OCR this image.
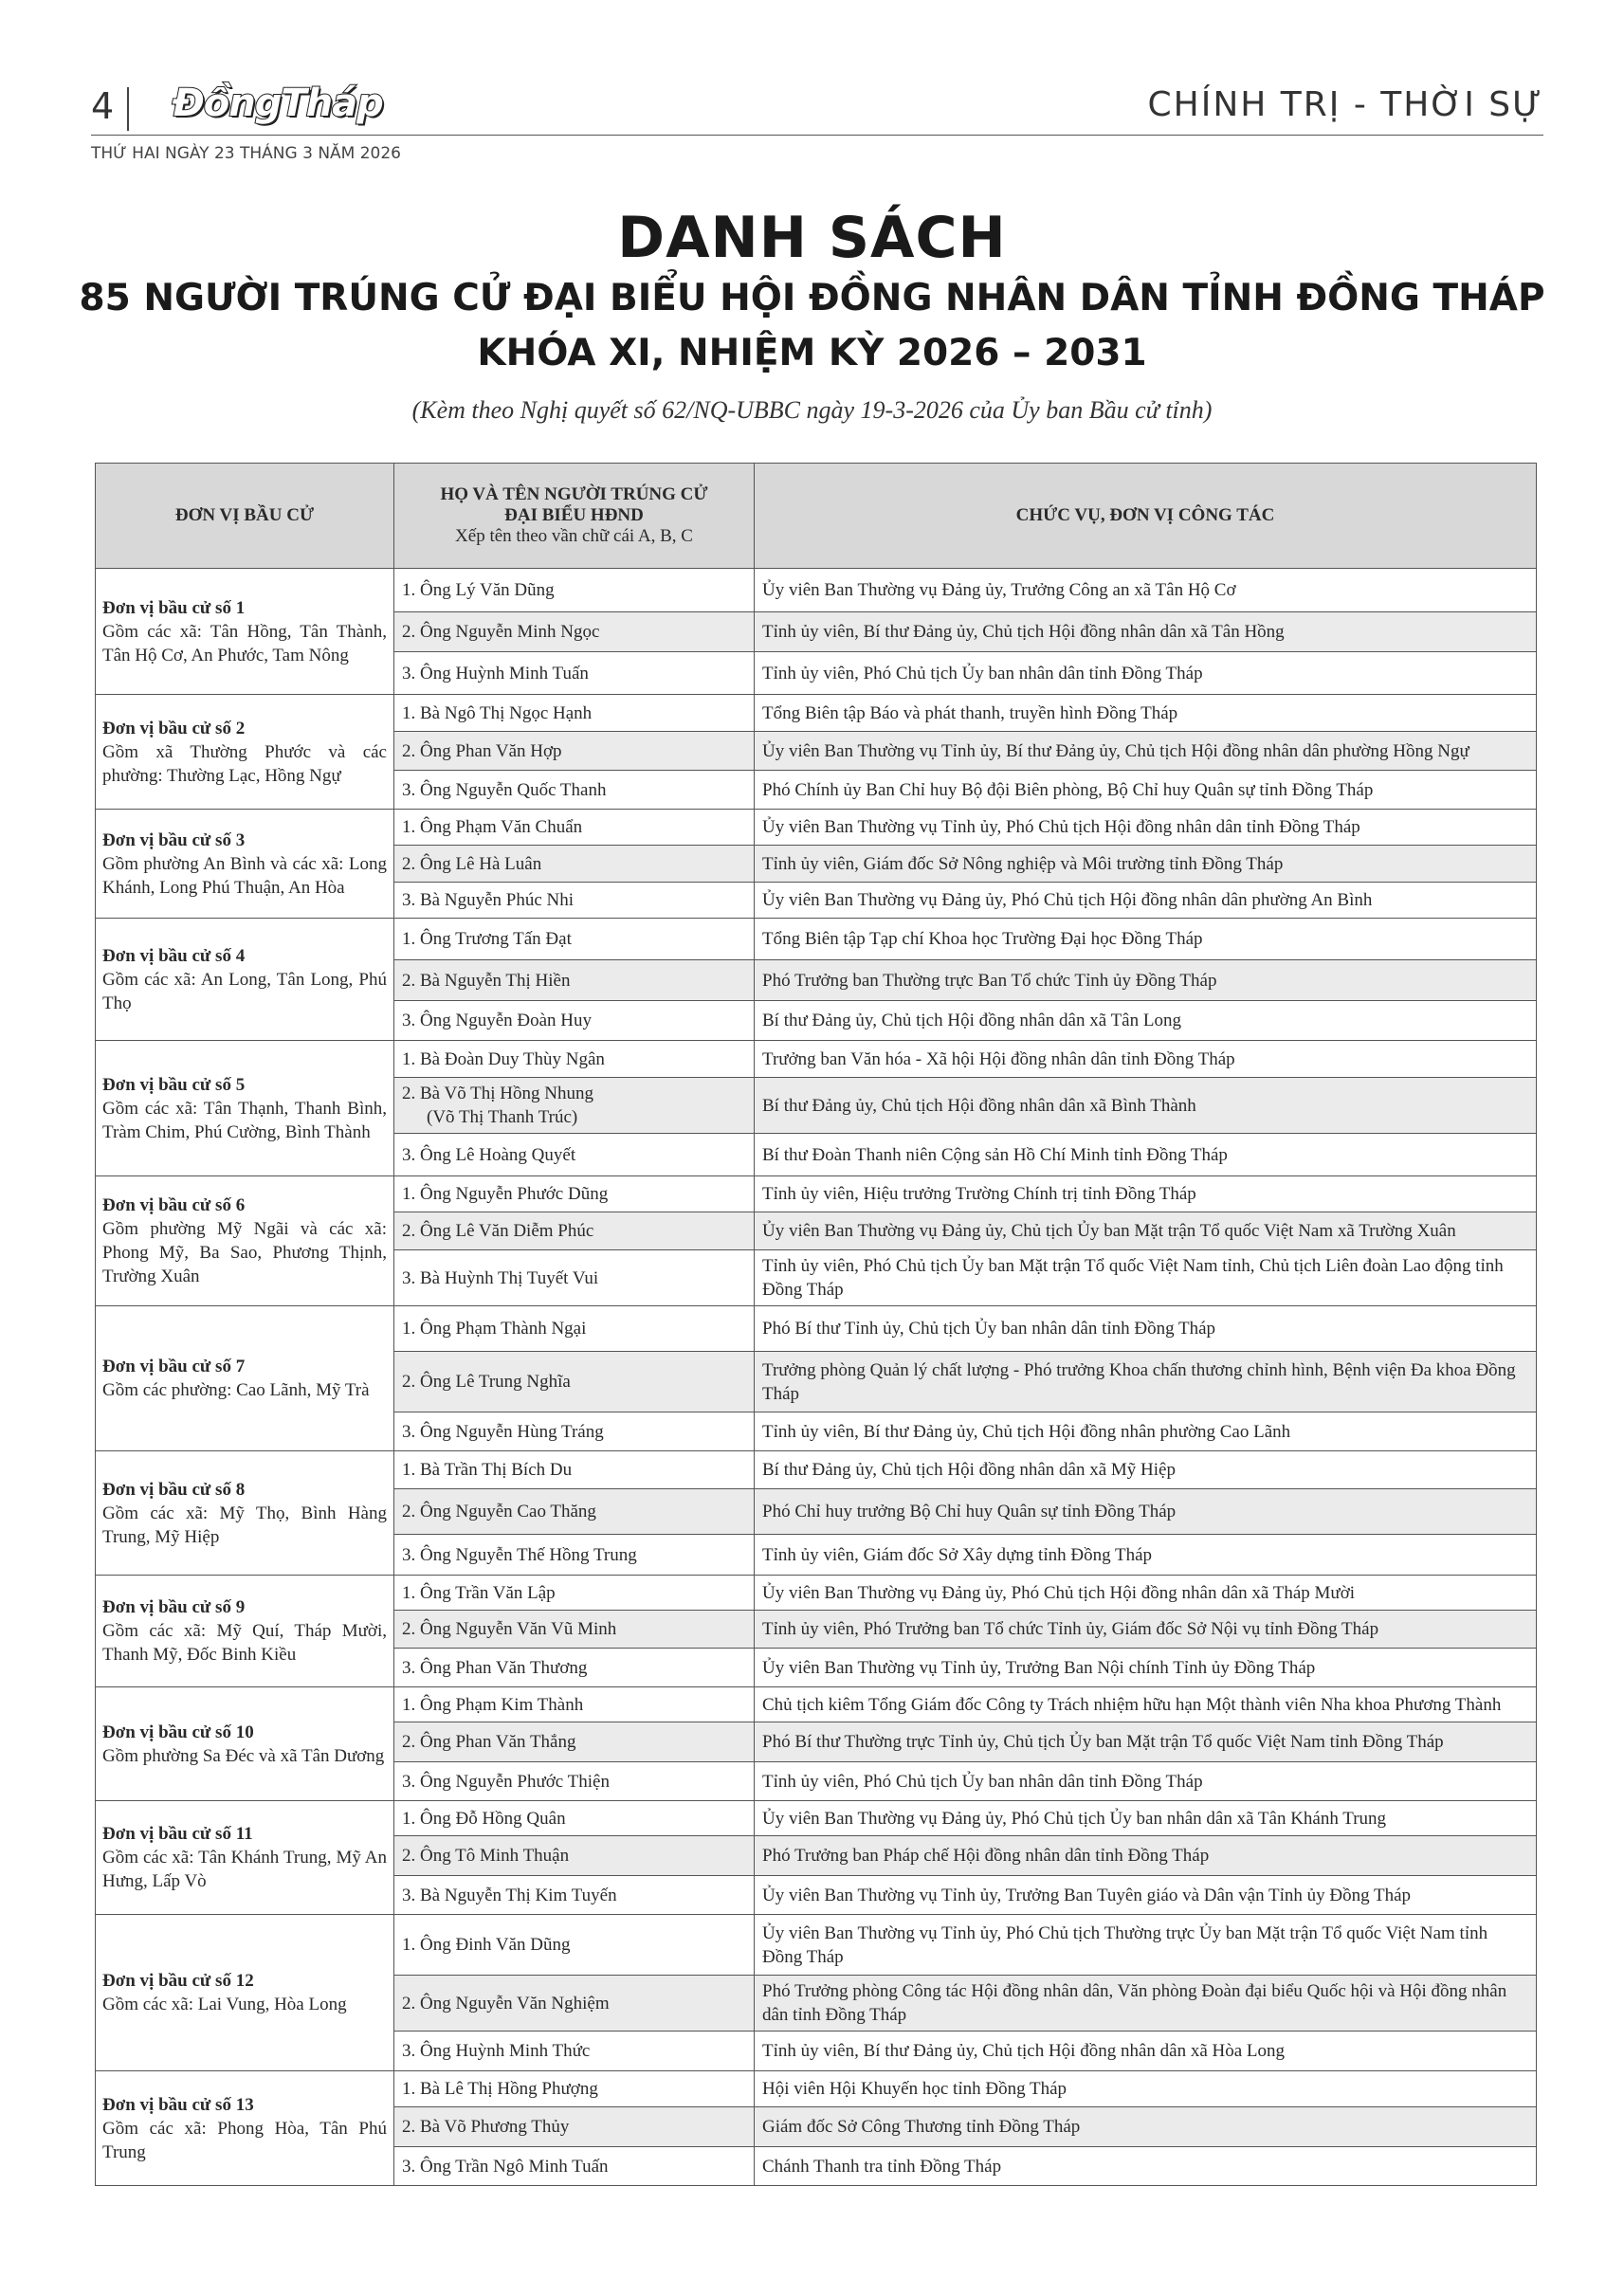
4 ĐồngTháp	CHÍNH TRỊ - THỜI SỰ
THỨ HAI NGÀY 23 THÁNG 3 NĂM 2026
DANH SÁCH
85 NGƯỜI TRÚNG CỬ ĐẠI BIỂU HỘI ĐỒNG NHÂN DÂN TỈNH ĐỒNG THÁP
KHÓA XI, NHIỆM KỲ 2026 – 2031
(Kèm theo Nghị quyết số 62/NQ-UBBC ngày 19-3-2026 của Ủy ban Bầu cử tỉnh)
ĐƠN VỊ BẦU CỬ	HỌ VÀ TÊN NGƯỜI TRÚNG CỬ
ĐẠI BIỂU HĐND
Xếp tên theo vần chữ cái A, B, C	CHỨC VỤ, ĐƠN VỊ CÔNG TÁC

Đơn vị bầu cử số 1
Gồm các xã: Tân Hồng, Tân Thành, Tân Hộ Cơ, An Phước, Tam Nông	1. Ông Lý Văn Dũng	Ủy viên Ban Thường vụ Đảng ủy, Trưởng Công an xã Tân Hộ Cơ

	2. Ông Nguyễn Minh Ngọc	Tỉnh ủy viên, Bí thư Đảng ủy, Chủ tịch Hội đồng nhân dân xã Tân Hồng

	3. Ông Huỳnh Minh Tuấn	Tỉnh ủy viên, Phó Chủ tịch Ủy ban nhân dân tỉnh Đồng Tháp

Đơn vị bầu cử số 2
Gồm xã Thường Phước và các phường: Thường Lạc, Hồng Ngự	1. Bà Ngô Thị Ngọc Hạnh	Tổng Biên tập Báo và phát thanh, truyền hình Đồng Tháp

	2. Ông Phan Văn Hợp	Ủy viên Ban Thường vụ Tỉnh ủy, Bí thư Đảng ủy, Chủ tịch Hội đồng nhân dân phường Hồng Ngự

	3. Ông Nguyễn Quốc Thanh	Phó Chính ủy Ban Chỉ huy Bộ đội Biên phòng, Bộ Chỉ huy Quân sự tỉnh Đồng Tháp

Đơn vị bầu cử số 3
Gồm phường An Bình và các xã: Long Khánh, Long Phú Thuận, An Hòa	1. Ông Phạm Văn Chuẩn	Ủy viên Ban Thường vụ Tỉnh ủy, Phó Chủ tịch Hội đồng nhân dân tỉnh Đồng Tháp

	2. Ông Lê Hà Luân	Tỉnh ủy viên, Giám đốc Sở Nông nghiệp và Môi trường tỉnh Đồng Tháp

	3. Bà Nguyễn Phúc Nhi	Ủy viên Ban Thường vụ Đảng ủy, Phó Chủ tịch Hội đồng nhân dân phường An Bình

Đơn vị bầu cử số 4
Gồm các xã: An Long, Tân Long, Phú Thọ	1. Ông Trương Tấn Đạt	Tổng Biên tập Tạp chí Khoa học Trường Đại học Đồng Tháp

	2. Bà Nguyễn Thị Hiền	Phó Trưởng ban Thường trực Ban Tổ chức Tỉnh ủy Đồng Tháp

	3. Ông Nguyễn Đoàn Huy	Bí thư Đảng ủy, Chủ tịch Hội đồng nhân dân xã Tân Long

Đơn vị bầu cử số 5
Gồm các xã: Tân Thạnh, Thanh Bình, Tràm Chim, Phú Cường, Bình Thành	1. Bà Đoàn Duy Thùy Ngân	Trưởng ban Văn hóa - Xã hội Hội đồng nhân dân tỉnh Đồng Tháp

	2. Bà Võ Thị Hồng Nhung
(Võ Thị Thanh Trúc)	Bí thư Đảng ủy, Chủ tịch Hội đồng nhân dân xã Bình Thành

	3. Ông Lê Hoàng Quyết	Bí thư Đoàn Thanh niên Cộng sản Hồ Chí Minh tỉnh Đồng Tháp

Đơn vị bầu cử số 6
Gồm phường Mỹ Ngãi và các xã: Phong Mỹ, Ba Sao, Phương Thịnh, Trường Xuân	1. Ông Nguyễn Phước Dũng	Tỉnh ủy viên, Hiệu trưởng Trường Chính trị tỉnh Đồng Tháp

	2. Ông Lê Văn Diễm Phúc	Ủy viên Ban Thường vụ Đảng ủy, Chủ tịch Ủy ban Mặt trận Tổ quốc Việt Nam xã Trường Xuân

	3. Bà Huỳnh Thị Tuyết Vui	Tỉnh ủy viên, Phó Chủ tịch Ủy ban Mặt trận Tổ quốc Việt Nam tỉnh, Chủ tịch Liên đoàn Lao động tỉnh Đồng Tháp

Đơn vị bầu cử số 7
Gồm các phường: Cao Lãnh, Mỹ Trà	1. Ông Phạm Thành Ngại	Phó Bí thư Tỉnh ủy, Chủ tịch Ủy ban nhân dân tỉnh Đồng Tháp

	2. Ông Lê Trung Nghĩa	Trưởng phòng Quản lý chất lượng - Phó trưởng Khoa chấn thương chỉnh hình, Bệnh viện Đa khoa Đồng Tháp

	3. Ông Nguyễn Hùng Tráng	Tỉnh ủy viên, Bí thư Đảng ủy, Chủ tịch Hội đồng nhân phường Cao Lãnh

Đơn vị bầu cử số 8
Gồm các xã: Mỹ Thọ, Bình Hàng Trung, Mỹ Hiệp	1. Bà Trần Thị Bích Du	Bí thư Đảng ủy, Chủ tịch Hội đồng nhân dân xã Mỹ Hiệp

	2. Ông Nguyễn Cao Thăng	Phó Chỉ huy trưởng Bộ Chỉ huy Quân sự tỉnh Đồng Tháp

	3. Ông Nguyễn Thế Hồng Trung	Tỉnh ủy viên, Giám đốc Sở Xây dựng tỉnh Đồng Tháp

Đơn vị bầu cử số 9
Gồm các xã: Mỹ Quí, Tháp Mười, Thanh Mỹ, Đốc Binh Kiều	1. Ông Trần Văn Lập	Ủy viên Ban Thường vụ Đảng ủy, Phó Chủ tịch Hội đồng nhân dân xã Tháp Mười

	2. Ông Nguyễn Văn Vũ Minh	Tỉnh ủy viên, Phó Trưởng ban Tổ chức Tỉnh ủy, Giám đốc Sở Nội vụ tỉnh Đồng Tháp

	3. Ông Phan Văn Thương	Ủy viên Ban Thường vụ Tỉnh ủy, Trưởng Ban Nội chính Tỉnh ủy Đồng Tháp

Đơn vị bầu cử số 10
Gồm phường Sa Đéc và xã Tân Dương	1. Ông Phạm Kim Thành	Chủ tịch kiêm Tổng Giám đốc Công ty Trách nhiệm hữu hạn Một thành viên Nha khoa Phương Thành

	2. Ông Phan Văn Thắng	Phó Bí thư Thường trực Tỉnh ủy, Chủ tịch Ủy ban Mặt trận Tổ quốc Việt Nam tỉnh Đồng Tháp

	3. Ông Nguyễn Phước Thiện	Tỉnh ủy viên, Phó Chủ tịch Ủy ban nhân dân tỉnh Đồng Tháp

Đơn vị bầu cử số 11
Gồm các xã: Tân Khánh Trung, Mỹ An Hưng, Lấp Vò	1. Ông Đỗ Hồng Quân	Ủy viên Ban Thường vụ Đảng ủy, Phó Chủ tịch Ủy ban nhân dân xã Tân Khánh Trung

	2. Ông Tô Minh Thuận	Phó Trưởng ban Pháp chế Hội đồng nhân dân tỉnh Đồng Tháp

	3. Bà Nguyễn Thị Kim Tuyến	Ủy viên Ban Thường vụ Tỉnh ủy, Trưởng Ban Tuyên giáo và Dân vận Tỉnh ủy Đồng Tháp

Đơn vị bầu cử số 12
Gồm các xã: Lai Vung, Hòa Long	1. Ông Đinh Văn Dũng	Ủy viên Ban Thường vụ Tỉnh ủy, Phó Chủ tịch Thường trực Ủy ban Mặt trận Tổ quốc Việt Nam tỉnh Đồng Tháp

	2. Ông Nguyễn Văn Nghiệm	Phó Trưởng phòng Công tác Hội đồng nhân dân, Văn phòng Đoàn đại biểu Quốc hội và Hội đồng nhân dân tỉnh Đồng Tháp

	3. Ông Huỳnh Minh Thức	Tỉnh ủy viên, Bí thư Đảng ủy, Chủ tịch Hội đồng nhân dân xã Hòa Long

Đơn vị bầu cử số 13
Gồm các xã: Phong Hòa, Tân Phú Trung	1. Bà Lê Thị Hồng Phượng	Hội viên Hội Khuyến học tỉnh Đồng Tháp

	2. Bà Võ Phương Thủy	Giám đốc Sở Công Thương tỉnh Đồng Tháp

	3. Ông Trần Ngô Minh Tuấn	Chánh Thanh tra tỉnh Đồng Tháp
